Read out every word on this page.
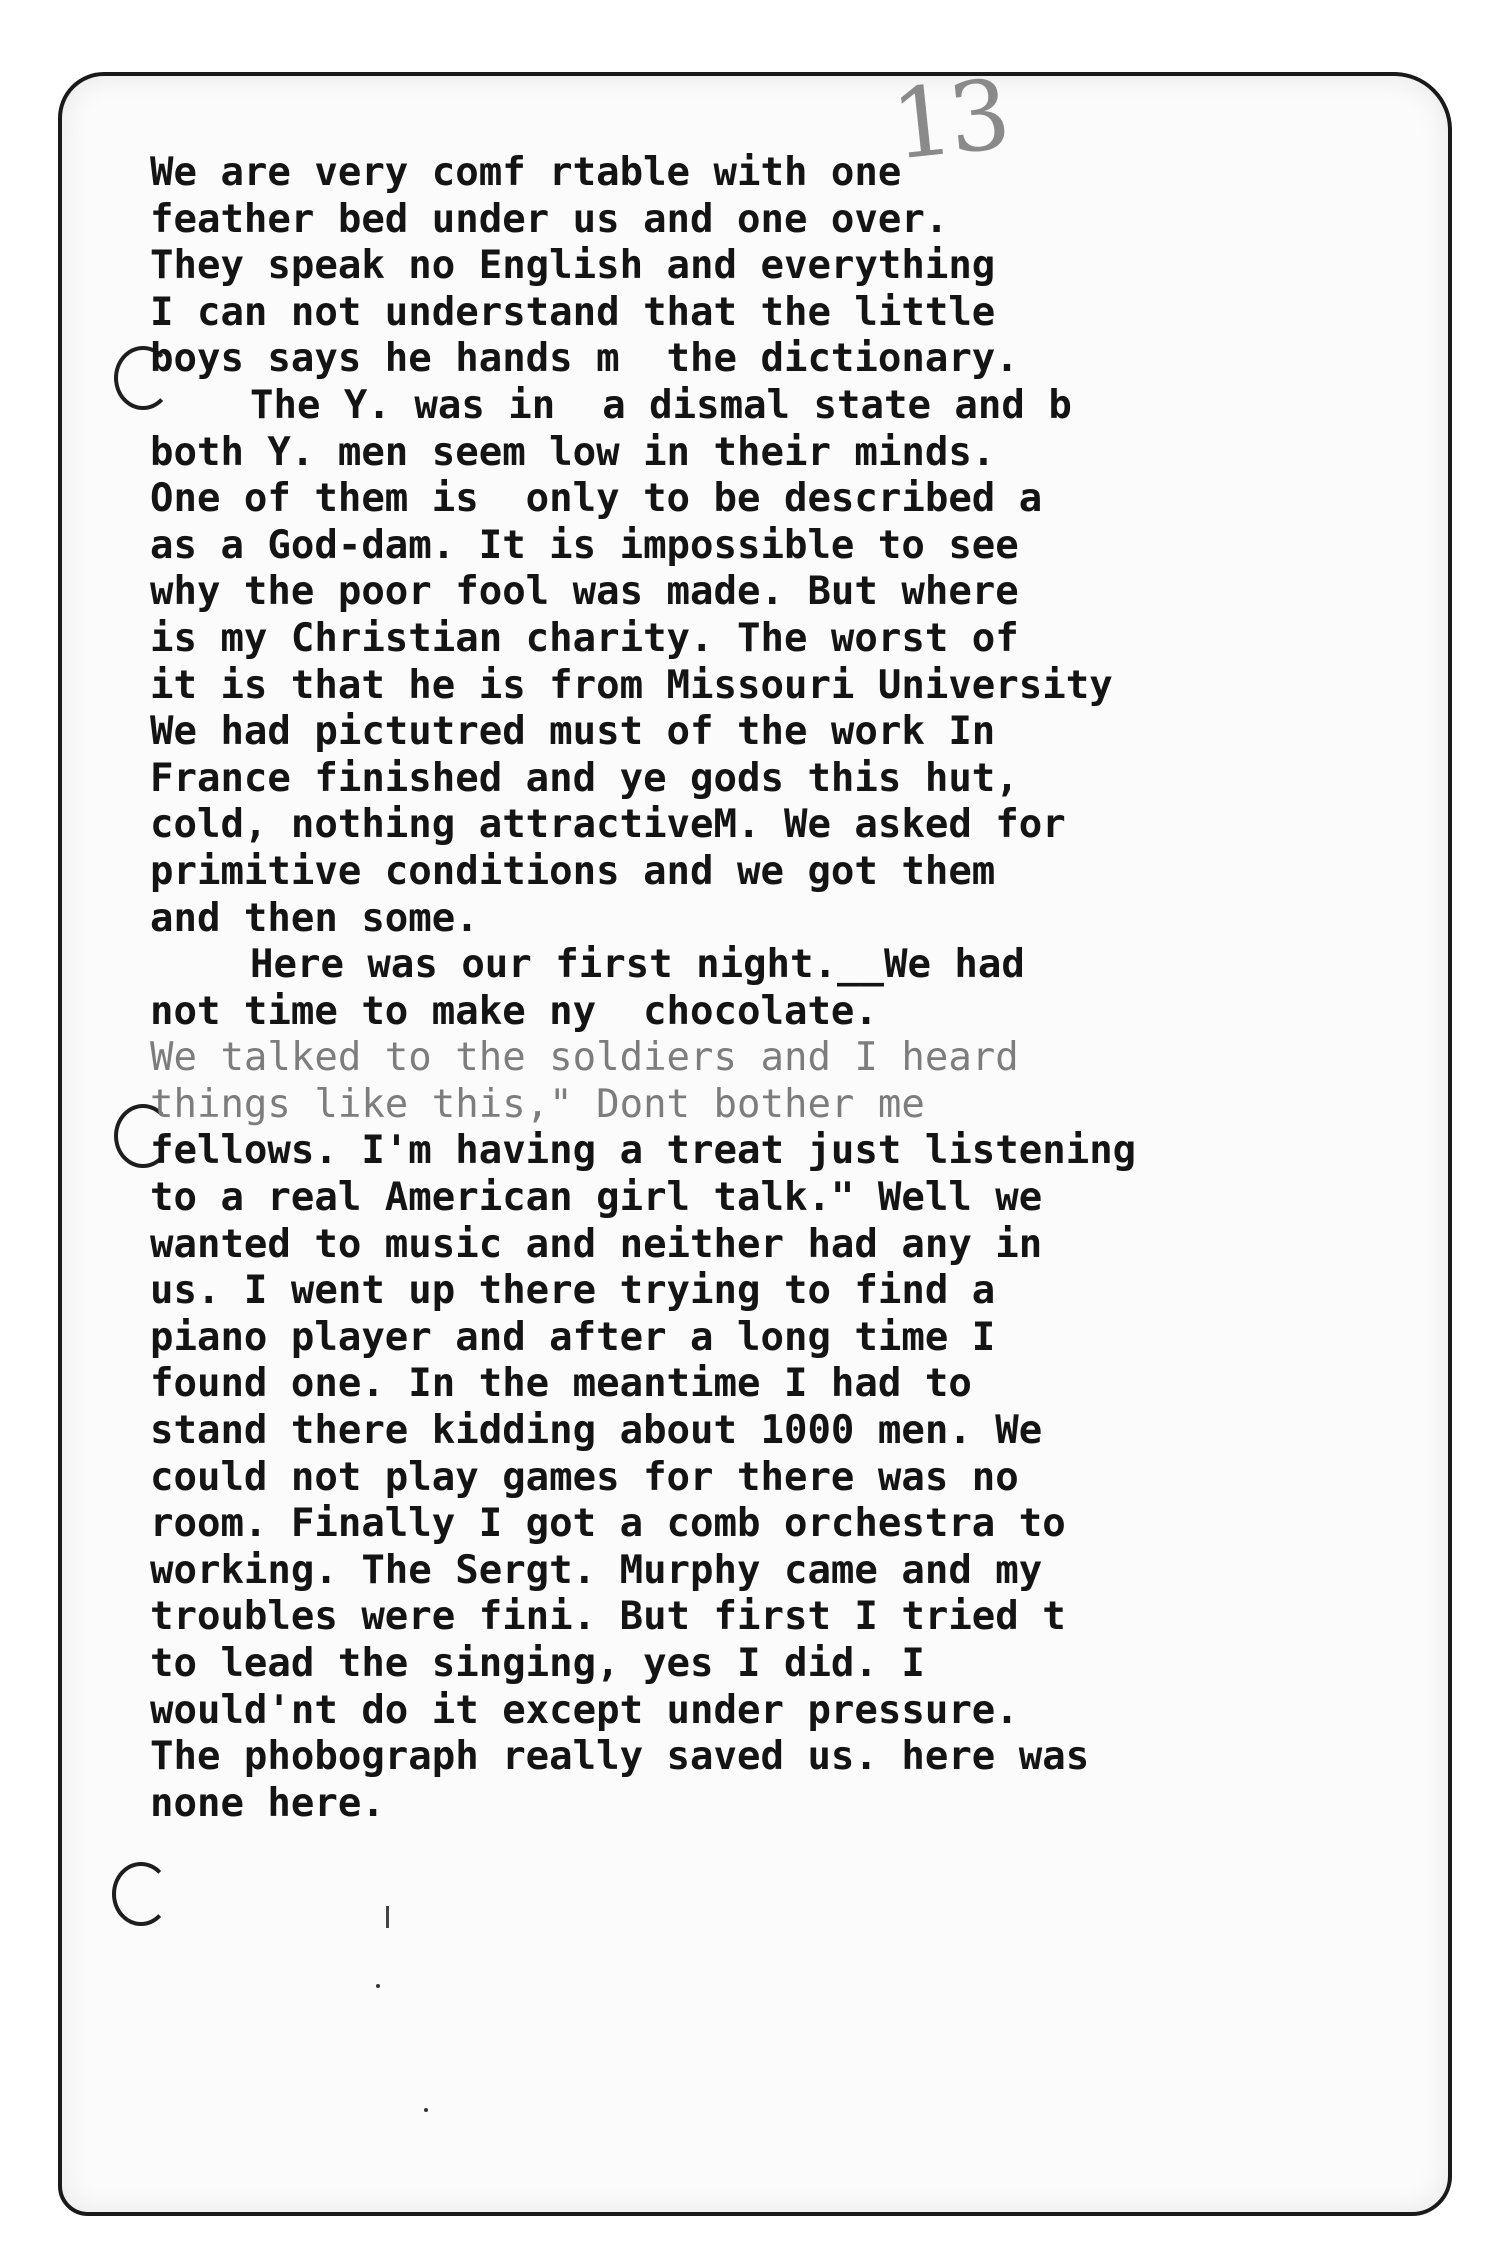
13
We are very comf rtable with one
feather bed under us and one over.
They speak no English and everything
I can not understand that the little
boys says he hands m  the dictionary.
The Y. was in  a dismal state and b
both Y. men seem low in their minds.
One of them is  only to be described a
as a God-dam. It is impossible to see
why the poor fool was made. But where
is my Christian charity. The worst of
it is that he is from Missouri University
We had pictutred must of the work In
France finished and ye gods this hut,
cold, nothing attractiveM. We asked for
primitive conditions and we got them
and then some.
Here was our first night.__We had
not time to make ny  chocolate.
We talked to the soldiers and I heard
things like this," Dont bother me
fellows. I'm having a treat just listening
to a real American girl talk." Well we
wanted to music and neither had any in
us. I went up there trying to find a
piano player and after a long time I
found one. In the meantime I had to
stand there kidding about 1000 men. We
could not play games for there was no
room. Finally I got a comb orchestra to
working. The Sergt. Murphy came and my
troubles were fini. But first I tried t
to lead the singing, yes I did. I
would'nt do it except under pressure.
The phobograph really saved us. here was
none here.
